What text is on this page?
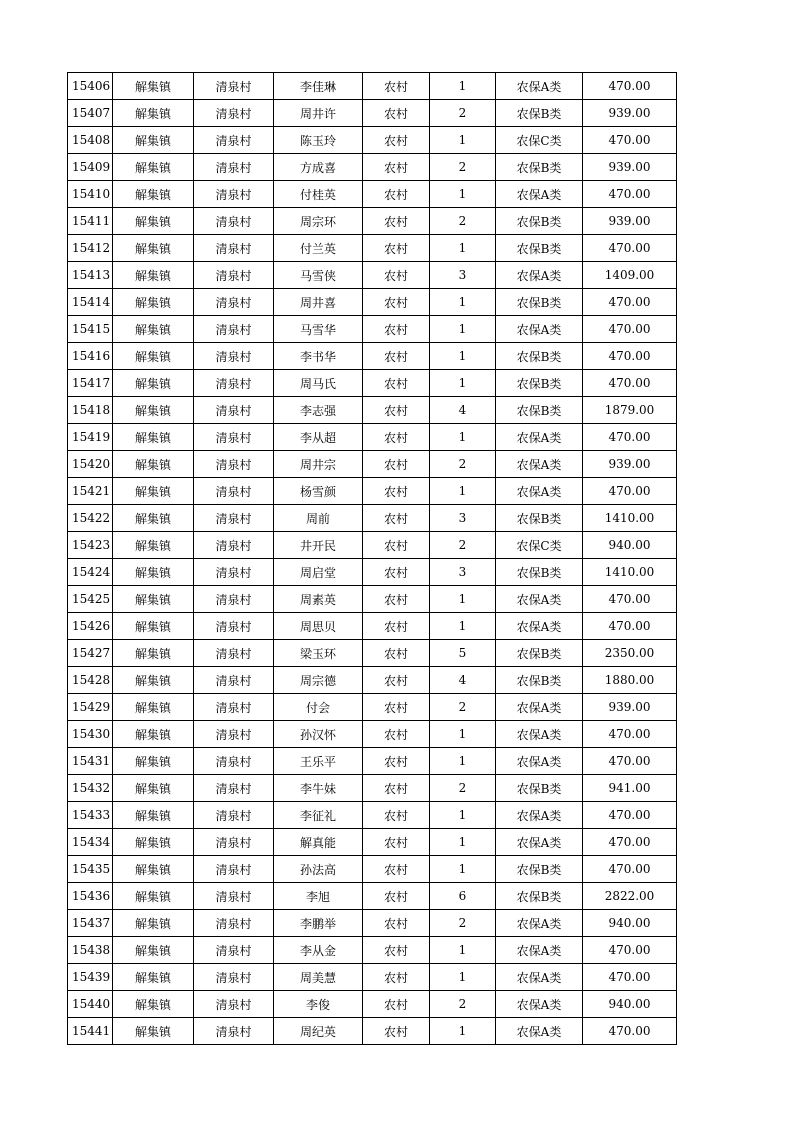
15406	解集镇	清泉村	李佳琳	农村	1	农保A类	470.00
15407	解集镇	清泉村	周井许	农村	2	农保B类	939.00
15408	解集镇	清泉村	陈玉玲	农村	1	农保C类	470.00
15409	解集镇	清泉村	方成喜	农村	2	农保B类	939.00
15410	解集镇	清泉村	付桂英	农村	1	农保A类	470.00
15411	解集镇	清泉村	周宗环	农村	2	农保B类	939.00
15412	解集镇	清泉村	付兰英	农村	1	农保B类	470.00
15413	解集镇	清泉村	马雪侠	农村	3	农保A类	1409.00
15414	解集镇	清泉村	周井喜	农村	1	农保B类	470.00
15415	解集镇	清泉村	马雪华	农村	1	农保A类	470.00
15416	解集镇	清泉村	李书华	农村	1	农保B类	470.00
15417	解集镇	清泉村	周马氏	农村	1	农保B类	470.00
15418	解集镇	清泉村	李志强	农村	4	农保B类	1879.00
15419	解集镇	清泉村	李从超	农村	1	农保A类	470.00
15420	解集镇	清泉村	周井宗	农村	2	农保A类	939.00
15421	解集镇	清泉村	杨雪颜	农村	1	农保A类	470.00
15422	解集镇	清泉村	周前	农村	3	农保B类	1410.00
15423	解集镇	清泉村	井开民	农村	2	农保C类	940.00
15424	解集镇	清泉村	周启堂	农村	3	农保B类	1410.00
15425	解集镇	清泉村	周素英	农村	1	农保A类	470.00
15426	解集镇	清泉村	周思贝	农村	1	农保A类	470.00
15427	解集镇	清泉村	梁玉环	农村	5	农保B类	2350.00
15428	解集镇	清泉村	周宗德	农村	4	农保B类	1880.00
15429	解集镇	清泉村	付会	农村	2	农保A类	939.00
15430	解集镇	清泉村	孙汉怀	农村	1	农保A类	470.00
15431	解集镇	清泉村	王乐平	农村	1	农保A类	470.00
15432	解集镇	清泉村	李牛妹	农村	2	农保B类	941.00
15433	解集镇	清泉村	李征礼	农村	1	农保A类	470.00
15434	解集镇	清泉村	解真能	农村	1	农保A类	470.00
15435	解集镇	清泉村	孙法高	农村	1	农保B类	470.00
15436	解集镇	清泉村	李旭	农村	6	农保B类	2822.00
15437	解集镇	清泉村	李鹏举	农村	2	农保A类	940.00
15438	解集镇	清泉村	李从金	农村	1	农保A类	470.00
15439	解集镇	清泉村	周美慧	农村	1	农保A类	470.00
15440	解集镇	清泉村	李俊	农村	2	农保A类	940.00
15441	解集镇	清泉村	周纪英	农村	1	农保A类	470.00
